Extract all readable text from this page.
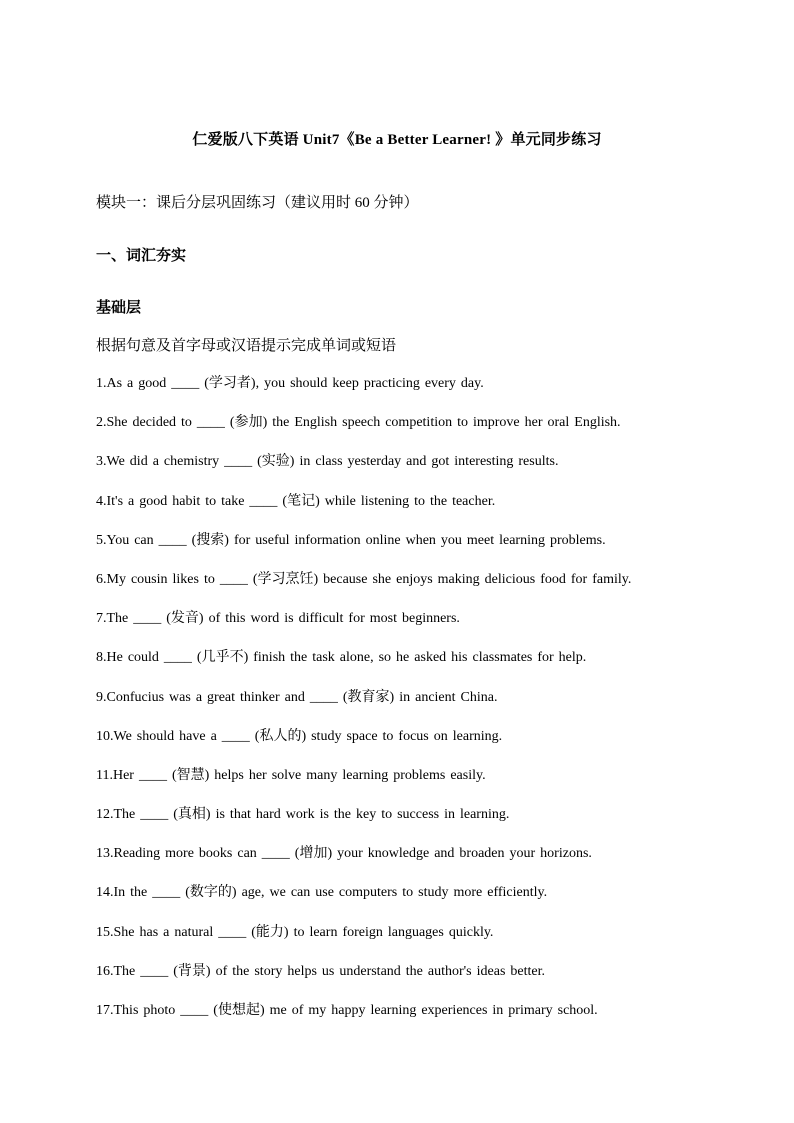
仁爱版八下英语 Unit7《Be a Better Learner! 》单元同步练习
模块一：课后分层巩固练习（建议用时 60 分钟）
一、词汇夯实
基础层
根据句意及首字母或汉语提示完成单词或短语
1.As a good ____ (学习者), you should keep practicing every day.
2.She decided to ____ (参加) the English speech competition to improve her oral English.
3.We did a chemistry ____ (实验) in class yesterday and got interesting results.
4.It's a good habit to take ____ (笔记) while listening to the teacher.
5.You can ____ (搜索) for useful information online when you meet learning problems.
6.My cousin likes to ____ (学习烹饪) because she enjoys making delicious food for family.
7.The ____ (发音) of this word is difficult for most beginners.
8.He could ____ (几乎不) finish the task alone, so he asked his classmates for help.
9.Confucius was a great thinker and ____ (教育家) in ancient China.
10.We should have a ____ (私人的) study space to focus on learning.
11.Her ____ (智慧) helps her solve many learning problems easily.
12.The ____ (真相) is that hard work is the key to success in learning.
13.Reading more books can ____ (增加) your knowledge and broaden your horizons.
14.In the ____ (数字的) age, we can use computers to study more efficiently.
15.She has a natural ____ (能力) to learn foreign languages quickly.
16.The ____ (背景) of the story helps us understand the author's ideas better.
17.This photo ____ (使想起) me of my happy learning experiences in primary school.
